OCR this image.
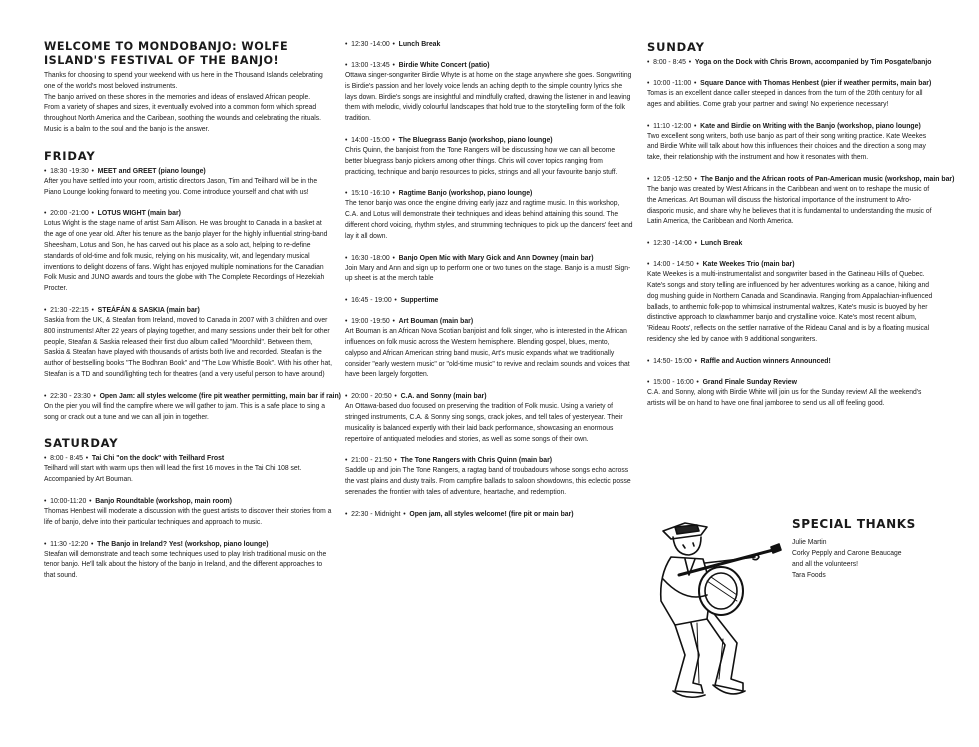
WELCOME TO MONDOBANJO: WOLFE ISLAND'S FESTIVAL OF THE BANJO!

Thanks for choosing to spend your weekend with us here in the Thousand Islands celebrating one of the world's most beloved instruments.

The banjo arrived on these shores in the memories and ideas of enslaved African people.

From a variety of shapes and sizes, it eventually evolved into a common form which spread throughout North America and the Caribean, soothing the wounds and celebrating the rituals.

Music is a balm to the soul and the banjo is the answer.

FRIDAY
• 18:30 -19:30 • MEET and GREET (piano lounge)

After you have settled into your room, artistic directors Jason, Tim and Teilhard will be in the Piano Lounge looking forward to meeting you. Come introduce yourself and chat with us!

• 20:00 -21:00 • LOTUS WIGHT (main bar)

Lotus Wight is the stage name of artist Sam Allison. He was brought to Canada in a basket at the age of one year old. After his tenure as the banjo player for the highly influential string-band Sheesham, Lotus and Son, he has carved out his place as a solo act, helping to re-define standards of old-time and folk music, relying on his musicality, wit, and legendary musical inventions to delight dozens of fans. Wight has enjoyed multiple nominations for the Canadian Folk Music and JUNO awards and tours the globe with The Complete Recordings of Hezekiah Procter.

• 21:30 -22:15 • STEÁFÁN & SASKIA (main bar)

Saskia from the UK, & Steafan from Ireland, moved to Canada in 2007 with 3 children and over 800 instruments! After 22 years of playing together, and many sessions under their belt for other people, Steafan & Saskia released their first duo album called "Moorchild". Between them, Saskia & Steafan have played with thousands of artists both live and recorded. Steafan is the author of bestselling books "The Bodhran Book" and "The Low Whistle Book". With his other hat, Steafan is a TD and sound/lighting tech for theatres (and a very useful person to have around)

• 22:30 - 23:30 • Open Jam: all styles welcome (fire pit weather permitting, main bar if rain)

On the pier you will find the campfire where we will gather to jam. This is a safe place to sing a song or crack out a tune and we can all join in together.

SATURDAY
• 8:00 - 8:45 • Tai Chi "on the dock" with Teilhard Frost

Teilhard will start with warm ups then will lead the first 16 moves in the Tai Chi 108 set. Accompanied by Art Bouman.

• 10:00-11:20 • Banjo Roundtable (workshop, main room)

Thomas Henbest will moderate a discussion with the guest artists to discover their stories from a life of banjo, delve into their particular techniques and approach to music.

• 11:30 -12:20 • The Banjo in Ireland? Yes! (workshop, piano lounge)

Steafan will demonstrate and teach some techniques used to play Irish traditional music on the tenor banjo. He'll talk about the history of the banjo in Ireland, and the different approaches to that sound.

• 12:30 -14:00 • Lunch Break
• 13:00 -13:45 • Birdie White Concert (patio)

Ottawa singer-songwriter Birdie Whyte is at home on the stage anywhere she goes. Songwriting is Birdie's passion and her lovely voice lends an aching depth to the simple country lyrics she lays down. Birdie's songs are insightful and mindfully crafted, drawing the listener in and leaving them with melodic, vividly colourful landscapes that hold true to the storytelling form of the folk tradition.

• 14:00 -15:00 • The Bluegrass Banjo (workshop, piano lounge)

Chris Quinn, the banjoist from the Tone Rangers will be discussing how we can all become better bluegrass banjo pickers among other things. Chris will cover topics ranging from practicing, technique and banjo resources to picks, strings and all your favourite banjo stuff.

• 15:10 -16:10 • Ragtime Banjo (workshop, piano lounge)

The tenor banjo was once the engine driving early jazz and ragtime music. In this workshop, C.A. and Lotus will demonstrate their techniques and ideas behind attaining this sound. The different chord voicing, rhythm styles, and strumming techniques to pick up the dancers' feet and lay it all down.

• 16:30 -18:00 • Banjo Open Mic with Mary Gick and Ann Downey (main bar)

Join Mary and Ann and sign up to perform one or two tunes on the stage. Banjo is a must! Sign-up sheet is at the merch table

• 16:45 - 19:00 • Suppertime
• 19:00 -19:50 • Art Bouman (main bar)

Art Bouman is an African Nova Scotian banjoist and folk singer, who is interested in the African influences on folk music across the Western hemisphere. Blending gospel, blues, mento, calypso and African American string band music, Art's music expands what we traditionally consider "early western music" or "old-time music" to revive and reclaim sounds and voices that have been largely forgotten.

• 20:00 - 20:50 • C.A. and Sonny (main bar)

An Ottawa-based duo focused on preserving the tradition of Folk music. Using a variety of stringed instruments, C.A. & Sonny sing songs, crack jokes, and tell tales of yesteryear. Their musicality is balanced expertly with their laid back performance, showcasing an enormous repertoire of antiquated melodies and stories, as well as some songs of their own.

• 21:00 - 21:50 • The Tone Rangers with Chris Quinn (main bar)

Saddle up and join The Tone Rangers, a ragtag band of troubadours whose songs echo across the vast plains and dusty trails. From campfire ballads to saloon showdowns, this eclectic posse serenades the frontier with tales of adventure, heartache, and redemption.

• 22:30 - Midnight • Open jam, all styles welcome! (fire pit or main bar)
SUNDAY
• 8:00 - 8:45 • Yoga on the Dock with Chris Brown, accompanied by Tim Posgate/banjo
• 10:00 -11:00 • Square Dance with Thomas Henbest (pier if weather permits, main bar)

Tomas is an excellent dance caller steeped in dances from the turn of the 20th century for all ages and abilities. Come grab your partner and swing! No experience necessary!

• 11:10 -12:00 • Kate and Birdie on Writing with the Banjo (workshop, piano lounge)

Two excellent song writers, both use banjo as part of their song writing practice. Kate Weekes and Birdie White will talk about how this influences their choices and the direction a song may take, their relationship with the instrument and how it resonates with them.

• 12:05 -12:50 • The Banjo and the African roots of Pan-American music (workshop, main bar)

The banjo was created by West Africans in the Caribbean and went on to reshape the music of the Americas. Art Bouman will discuss the historical importance of the instrument to Afro-diasporic music, and share why he believes that it is fundamental to understanding the music of Latin America, the Caribbean and North America.

• 12:30 -14:00 • Lunch Break
• 14:00 - 14:50 • Kate Weekes Trio (main bar)

Kate Weekes is a multi-instrumentalist and songwriter based in the Gatineau Hills of Quebec. Kate's songs and story telling are influenced by her adventures working as a canoe, hiking and dog mushing guide in Northern Canada and Scandinavia. Ranging from Appalachian-influenced ballads, to anthemic folk-pop to whimsical instrumental waltzes, Kate's music is buoyed by her distinctive approach to clawhammer banjo and crystalline voice. Kate's most recent album, 'Rideau Roots', reflects on the settler narrative of the Rideau Canal and is by a floating musical residency she led by canoe with 9 additional songwriters.

• 14:50- 15:00 • Raffle and Auction winners Announced!
• 15:00 - 16:00 • Grand Finale Sunday Review

C.A. and Sonny, along with Birdie White will join us for the Sunday review! All the weekend's artists will be on hand to have one final jamboree to send us all off feeling good.

SPECIAL THANKS

Julie Martin

Corky Pepply and Carone Beaucage

and all the volunteers!

Tara Foods
